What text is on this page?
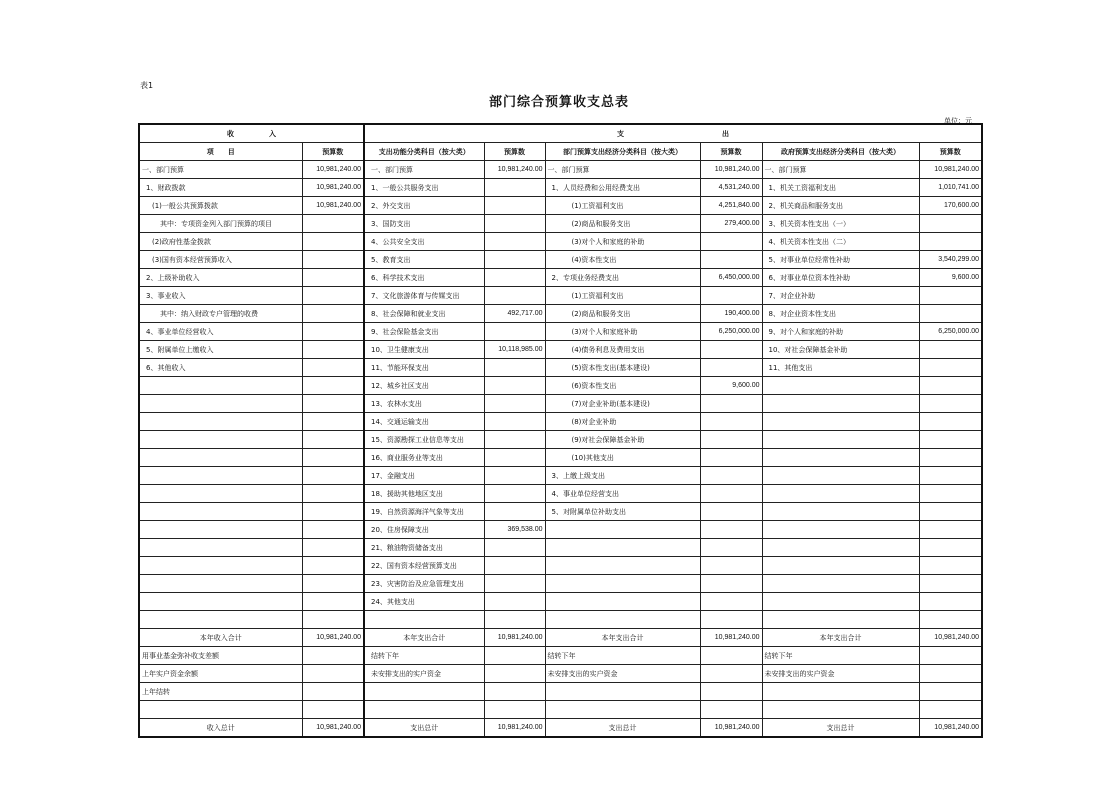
表1
部门综合预算收支总表
单位：元
收　　　　　入		支　　　　　　　　　　　　　　出					
项　　目	预算数	支出功能分类科目（按大类）	预算数	部门预算支出经济分类科目（按大类）	预算数	政府预算支出经济分类科目（按大类）	预算数
一、部门预算	10,981,240.00	一、部门预算	10,981,240.00	一、部门预算	10,981,240.00	一、部门预算	10,981,240.00
1、财政拨款	10,981,240.00	1、一般公共服务支出		1、人员经费和公用经费支出	4,531,240.00	1、机关工资福利支出	1,010,741.00
(1)一般公共预算拨款	10,981,240.00	2、外交支出		(1)工资福利支出	4,251,840.00	2、机关商品和服务支出	170,600.00
其中：专项资金列入部门预算的项目		3、国防支出		(2)商品和服务支出	279,400.00	3、机关资本性支出（一）	
(2)政府性基金拨款		4、公共安全支出		(3)对个人和家庭的补助		4、机关资本性支出（二）	
(3)国有资本经营预算收入		5、教育支出		(4)资本性支出		5、对事业单位经常性补助	3,540,299.00
2、上级补助收入		6、科学技术支出		2、专项业务经费支出	6,450,000.00	6、对事业单位资本性补助	9,600.00
3、事业收入		7、文化旅游体育与传媒支出		(1)工资福利支出		7、对企业补助	
其中：纳入财政专户管理的收费		8、社会保障和就业支出	492,717.00	(2)商品和服务支出	190,400.00	8、对企业资本性支出	
4、事业单位经营收入		9、社会保险基金支出		(3)对个人和家庭补助	6,250,000.00	9、对个人和家庭的补助	6,250,000.00
5、附属单位上缴收入		10、卫生健康支出	10,118,985.00	(4)债务利息及费用支出		10、对社会保障基金补助	
6、其他收入		11、节能环保支出		(5)资本性支出(基本建设)		11、其他支出	
		12、城乡社区支出		(6)资本性支出	9,600.00		
		13、农林水支出		(7)对企业补助(基本建设)			
		14、交通运输支出		(8)对企业补助			
		15、资源勘探工业信息等支出		(9)对社会保障基金补助			
		16、商业服务业等支出		(10)其他支出			
		17、金融支出		3、上缴上级支出			
		18、援助其他地区支出		4、事业单位经营支出			
		19、自然资源海洋气象等支出		5、对附属单位补助支出			
		20、住房保障支出	369,538.00				
		21、粮油物资储备支出					
		22、国有资本经营预算支出					
		23、灾害防治及应急管理支出					
		24、其他支出					

本年收入合计	10,981,240.00	本年支出合计	10,981,240.00	本年支出合计	10,981,240.00	本年支出合计	10,981,240.00
用事业基金弥补收支差额		结转下年		结转下年		结转下年	
上年实户资金余额		未安排支出的实户资金		未安排支出的实户资金		未安排支出的实户资金	
上年结转							

收入总计	10,981,240.00	支出总计	10,981,240.00	支出总计	10,981,240.00	支出总计	10,981,240.00
